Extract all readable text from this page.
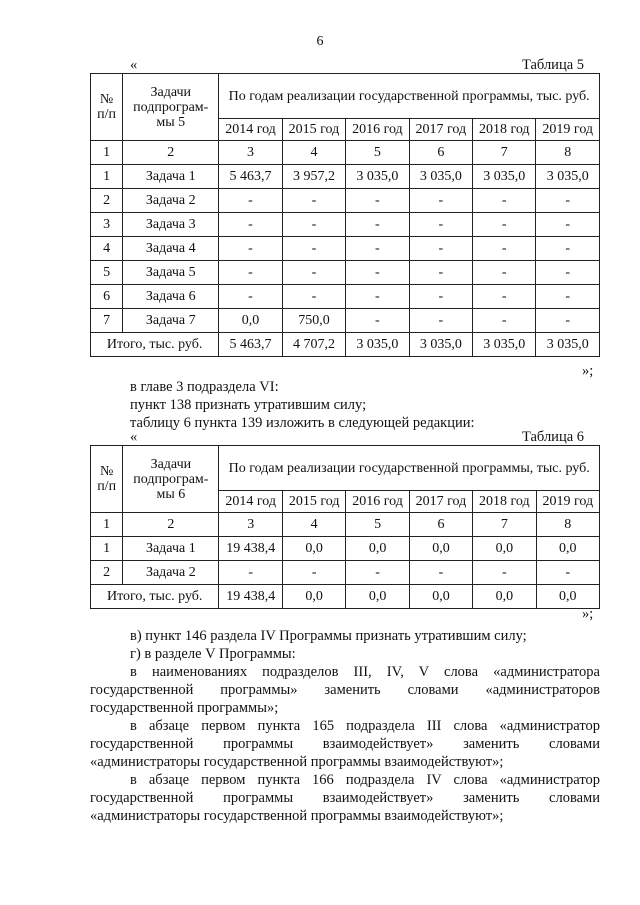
6
«	Таблица 5
№ п/п	Задачи подпрограм-мы 5	По годам реализации государственной программы, тыс. руб.					
		2014 год	2015 год	2016 год	2017 год	2018 год	2019 год
1	2	3	4	5	6	7	8
1	Задача 1	5 463,7	3 957,2	3 035,0	3 035,0	3 035,0	3 035,0
2	Задача 2	-	-	-	-	-	-
3	Задача 3	-	-	-	-	-	-
4	Задача 4	-	-	-	-	-	-
5	Задача 5	-	-	-	-	-	-
6	Задача 6	-	-	-	-	-	-
7	Задача 7	0,0	750,0	-	-	-	-
Итого, тыс. руб.		5 463,7	4 707,2	3 035,0	3 035,0	3 035,0	3 035,0
»;
в главе 3 подраздела VI:
пункт 138 признать утратившим силу;
таблицу 6 пункта 139 изложить в следующей редакции:
«	Таблица 6
№ п/п	Задачи подпрограм-мы 6	По годам реализации государственной программы, тыс. руб.					
		2014 год	2015 год	2016 год	2017 год	2018 год	2019 год
1	2	3	4	5	6	7	8
1	Задача 1	19 438,4	0,0	0,0	0,0	0,0	0,0
2	Задача 2	-	-	-	-	-	-
Итого, тыс. руб.		19 438,4	0,0	0,0	0,0	0,0	0,0
»;
в) пункт 146 раздела IV Программы признать утратившим силу;
г) в разделе V Программы:
в наименованиях подразделов III, IV, V слова «администратора
государственной программы» заменить словами «администраторов
государственной программы»;
в абзаце первом пункта 165 подраздела III слова «администратор
государственной программы взаимодействует» заменить словами
«администраторы государственной программы взаимодействуют»;
в абзаце первом пункта 166 подраздела IV слова «администратор
государственной программы взаимодействует» заменить словами
«администраторы государственной программы взаимодействуют»;
